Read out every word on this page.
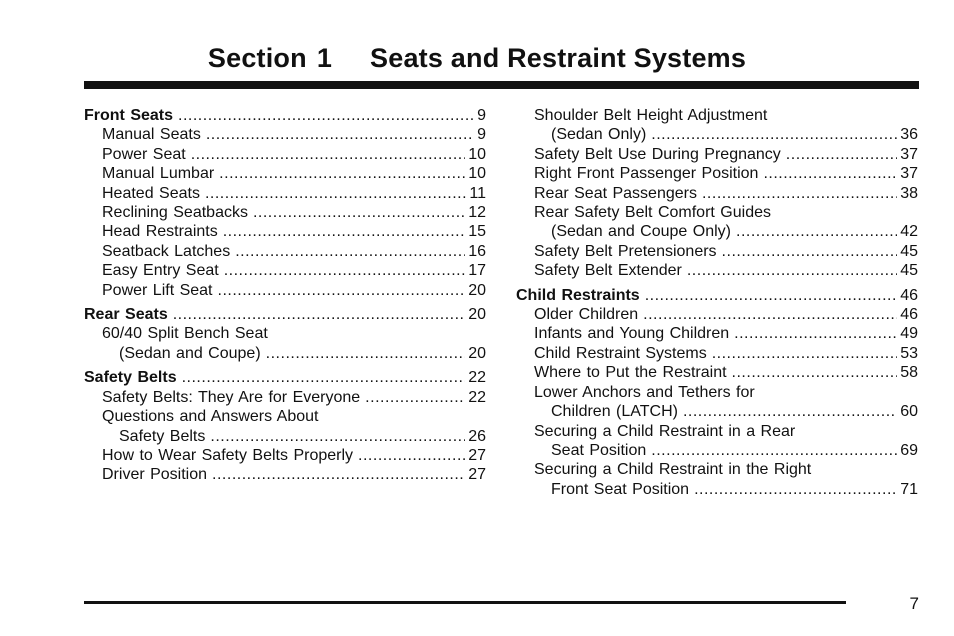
Section 1 Seats and Restraint Systems
Front Seats .....	9
Manual Seats .....	9
Power Seat .....	10
Manual Lumbar .....	10
Heated Seats .....	11
Reclining Seatbacks .....	12
Head Restraints .....	15
Seatback Latches .....	16
Easy Entry Seat .....	17
Power Lift Seat .....	20
Rear Seats .....	20
60/40 Split Bench Seat
(Sedan and Coupe) .....	20
Safety Belts .....	22
Safety Belts: They Are for Everyone .....	22
Questions and Answers About
Safety Belts .....	26
How to Wear Safety Belts Properly .....	27
Driver Position .....	27
Shoulder Belt Height Adjustment
(Sedan Only) .....	36
Safety Belt Use During Pregnancy .....	37
Right Front Passenger Position .....	37
Rear Seat Passengers .....	38
Rear Safety Belt Comfort Guides
(Sedan and Coupe Only) .....	42
Safety Belt Pretensioners .....	45
Safety Belt Extender .....	45
Child Restraints .....	46
Older Children .....	46
Infants and Young Children .....	49
Child Restraint Systems .....	53
Where to Put the Restraint .....	58
Lower Anchors and Tethers for
Children (LATCH) .....	60
Securing a Child Restraint in a Rear
Seat Position .....	69
Securing a Child Restraint in the Right
Front Seat Position .....	71
7
